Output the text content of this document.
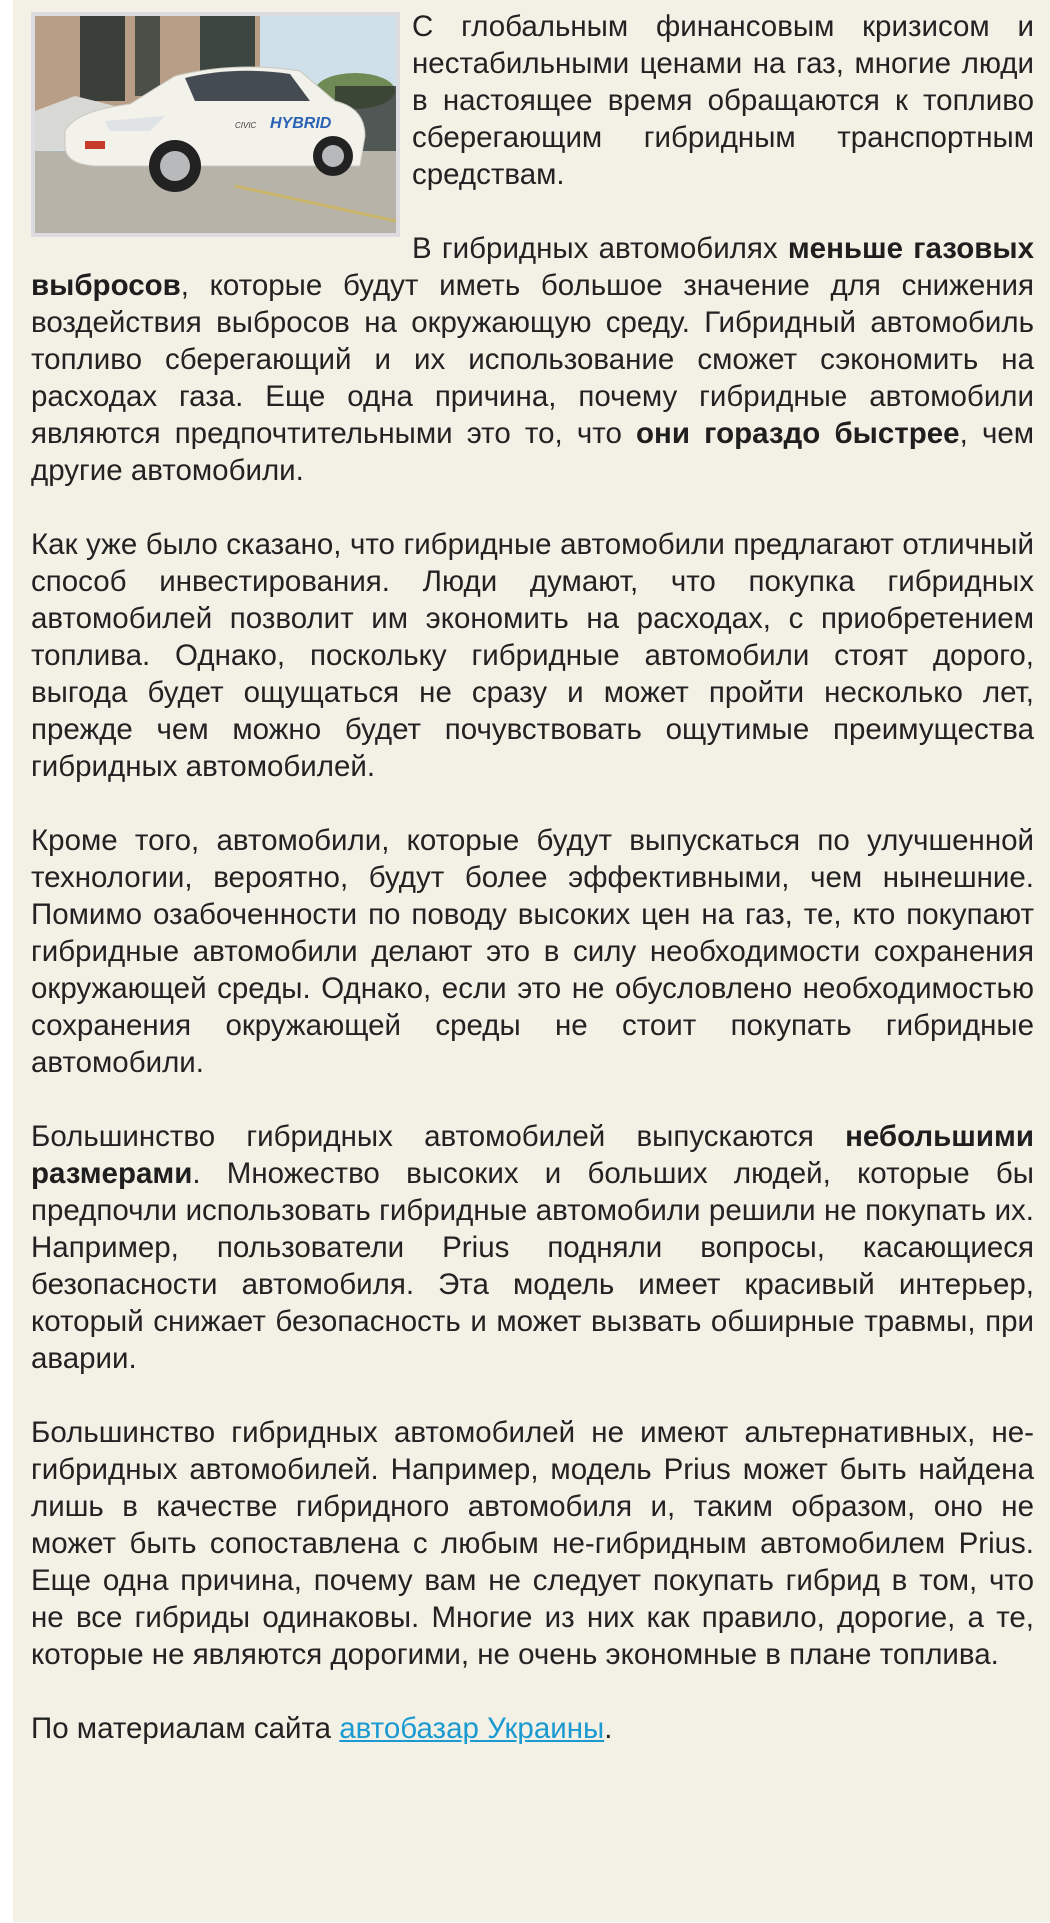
HYBRID
CIVIC
С глобальным финансовым кризисом и нестабильными ценами на газ, многие люди в настоящее время обращаются к топливо сберегающим гибридным транспортным средствам.

В гибридных автомобилях меньше газовых выбросов, которые будут иметь большое значение для снижения воздействия выбросов на окружающую среду. Гибридный автомобиль топливо сберегающий и их использование сможет сэкономить на расходах газа. Еще одна причина, почему гибридные автомобили являются предпочтительными это то, что они гораздо быстрее, чем другие автомобили.

Как уже было сказано, что гибридные автомобили предлагают отличный способ инвестирования. Люди думают, что покупка гибридных автомобилей позволит им экономить на расходах, с приобретением топлива. Однако, поскольку гибридные автомобили стоят дорого, выгода будет ощущаться не сразу и может пройти несколько лет, прежде чем можно будет почувствовать ощутимые преимущества гибридных автомобилей.

Кроме того, автомобили, которые будут выпускаться по улучшенной технологии, вероятно, будут более эффективными, чем нынешние. Помимо озабоченности по поводу высоких цен на газ, те, кто покупают гибридные автомобили делают это в силу необходимости сохранения окружающей среды. Однако, если это не обусловлено необходимостью сохранения окружающей среды не стоит покупать гибридные автомобили.

Большинство гибридных автомобилей выпускаются небольшими размерами. Множество высоких и больших людей, которые бы предпочли использовать гибридные автомобили решили не покупать их. Например, пользователи Prius подняли вопросы, касающиеся безопасности автомобиля. Эта модель имеет красивый интерьер, который снижает безопасность и может вызвать обширные травмы, при аварии.

Большинство гибридных автомобилей не имеют альтернативных, не-гибридных автомобилей. Например, модель Prius может быть найдена лишь в качестве гибридного автомобиля и, таким образом, оно не может быть сопоставлена с любым не-гибридным автомобилем Prius. Еще одна причина, почему вам не следует покупать гибрид в том, что не все гибриды одинаковы. Многие из них как правило, дорогие, а те, которые не являются дорогими, не очень экономные в плане топлива.

По материалам сайта автобазар Украины.
